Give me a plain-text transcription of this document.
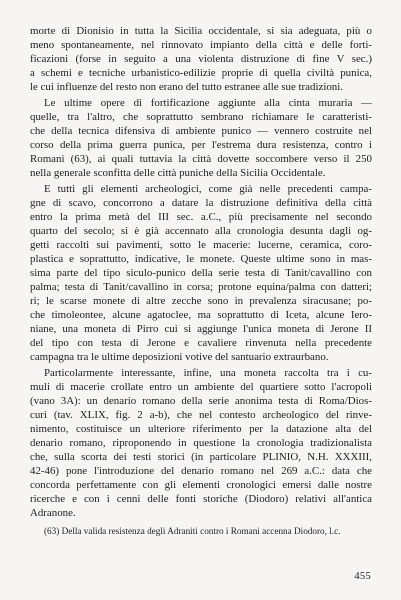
morte di Dionisio in tutta la Sicilia occidentale, si sia adeguata, più o
meno spontaneamente, nel rinnovato impianto della città e delle forti-
ficazioni (forse in seguito a una violenta distruzione di fine V sec.)
a schemi e tecniche urbanistico-edilizie proprie di quella civiltà punica,
le cui influenze del resto non erano del tutto estranee alle sue tradizioni.
Le ultime opere di fortificazione aggiunte alla cinta muraria —
quelle, tra l'altro, che soprattutto sembrano richiamare le caratteristi-
che della tecnica difensiva di ambiente punico — vennero costruite nel
corso della prima guerra punica, per l'estrema dura resistenza, contro i
Romani (63), ai quali tuttavia la città dovette soccombere verso il 250
nella generale sconfitta delle città puniche della Sicilia Occidentale.
E tutti gli elementi archeologici, come già nelle precedenti campa-
gne di scavo, concorrono a datare la distruzione definitiva della città
entro la prima metà del III sec. a.C., più precisamente nel secondo
quarto del secolo; si è già accennato alla cronologia desunta dagli og-
getti raccolti sui pavimenti, sotto le macerie: lucerne, ceramica, coro-
plastica e soprattutto, indicative, le monete. Queste ultime sono in mas-
sima parte del tipo siculo-punico della serie testa di Tanit/cavallino con
palma; testa di Tanit/cavallino in corsa; protone equina/palma con datteri;
ri; le scarse monete di altre zecche sono in prevalenza siracusane; po-
che timoleontee, alcune agatoclee, ma soprattutto di Iceta, alcune Iero-
niane, una moneta di Pirro cui si aggiunge l'unica moneta di Jerone II
del tipo con testa di Jerone e cavaliere rinvenuta nella precedente
campagna tra le ultime deposizioni votive del santuario extraurbano.
Particolarmente interessante, infine, una moneta raccolta tra i cu-
muli di macerie crollate entro un ambiente del quartiere sotto l'acropoli
(vano 3A): un denario romano della serie anonima testa di Roma/Dios-
curi (tav. XLIX, fig. 2 a-b), che nel contesto archeologico del rinve-
nimento, costituisce un ulteriore riferimento per la datazione alta del
denario romano, riproponendo in questione la cronologia tradizionalista
che, sulla scorta dei testi storici (in particolare PLINIO, N.H. XXXIII,
42-46) pone l'introduzione del denario romano nel 269 a.C.: data che
concorda perfettamente con gli elementi cronologici emersi dalle nostre
ricerche e con i cenni delle fonti storiche (Diodoro) relativi all'antica
Adranone.
(63) Della valida resistenza degli Adraniti contro i Romani accenna Diodoro, l.c.
455
